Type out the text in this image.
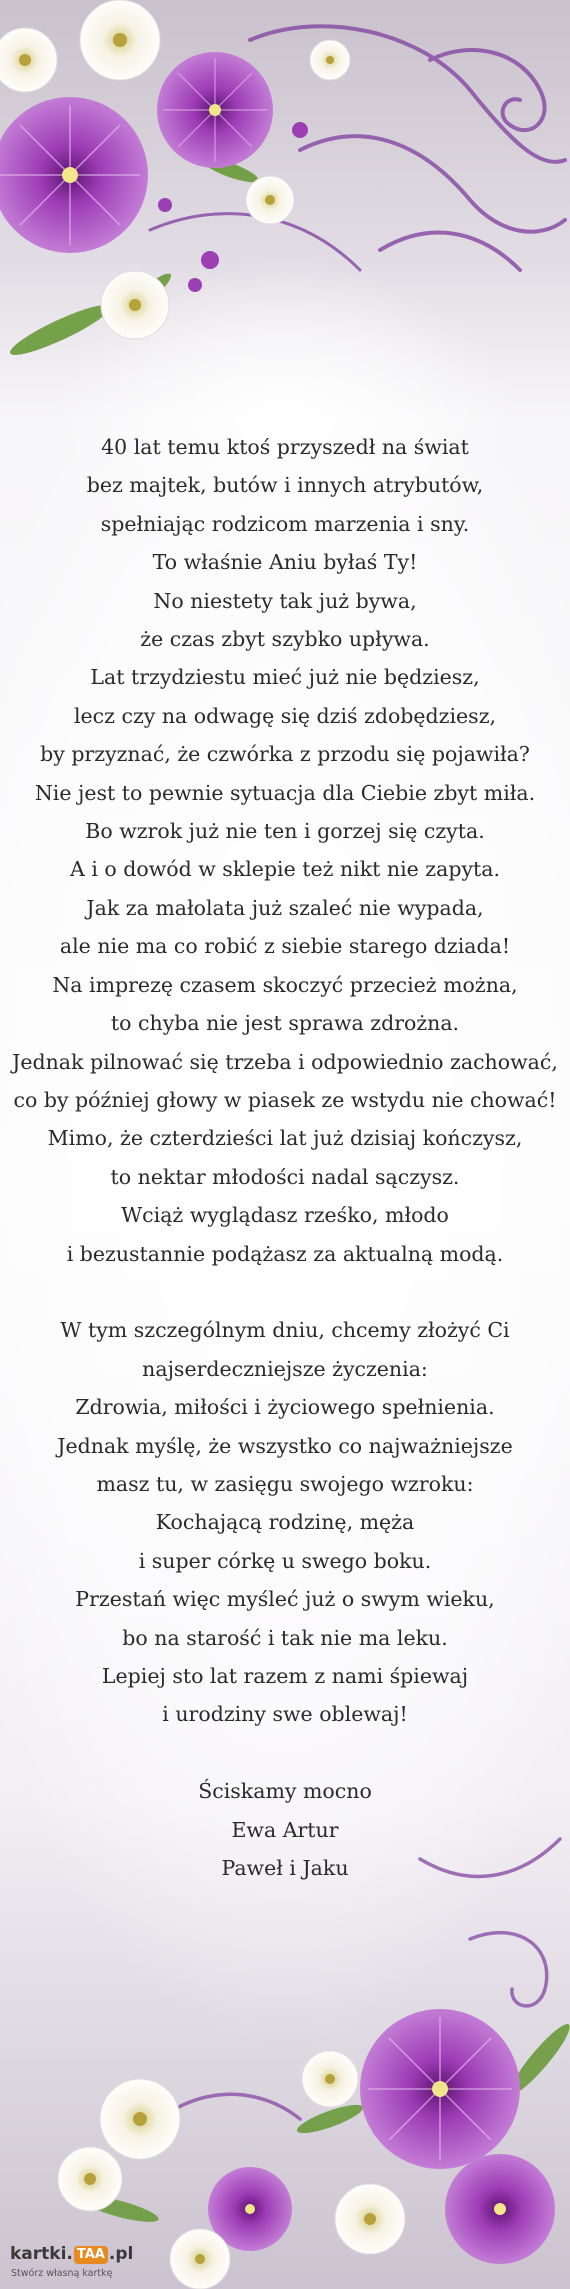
40 lat temu ktoś przyszedł na świat
bez majtek, butów i innych atrybutów,
spełniając rodzicom marzenia i sny.
To właśnie Aniu byłaś Ty!
No niestety tak już bywa,
że czas zbyt szybko upływa.
Lat trzydziestu mieć już nie będziesz,
lecz czy na odwagę się dziś zdobędziesz,
by przyznać, że czwórka z przodu się pojawiła?
Nie jest to pewnie sytuacja dla Ciebie zbyt miła.
Bo wzrok już nie ten i gorzej się czyta.
A i o dowód w sklepie też nikt nie zapyta.
Jak za małolata już szaleć nie wypada,
ale nie ma co robić z siebie starego dziada!
Na imprezę czasem skoczyć przecież można,
to chyba nie jest sprawa zdrożna.
Jednak pilnować się trzeba i odpowiednio zachować,
co by później głowy w piasek ze wstydu nie chować!
Mimo, że czterdzieści lat już dzisiaj kończysz,
to nektar młodości nadal sączysz.
Wciąż wyglądasz rześko, młodo
i bezustannie podążasz za aktualną modą.
W tym szczególnym dniu, chcemy złożyć Ci
najserdeczniejsze życzenia:
Zdrowia, miłości i życiowego spełnienia.
Jednak myślę, że wszystko co najważniejsze
masz tu, w zasięgu swojego wzroku:
Kochającą rodzinę, męża
i super córkę u swego boku.
Przestań więc myśleć już o swym wieku,
bo na starość i tak nie ma leku.
Lepiej sto lat razem z nami śpiewaj
i urodziny swe oblewaj!
Ściskamy mocno
Ewa Artur
Paweł i Jaku
kartki. TAA .pl
Stwórz własną kartkę
